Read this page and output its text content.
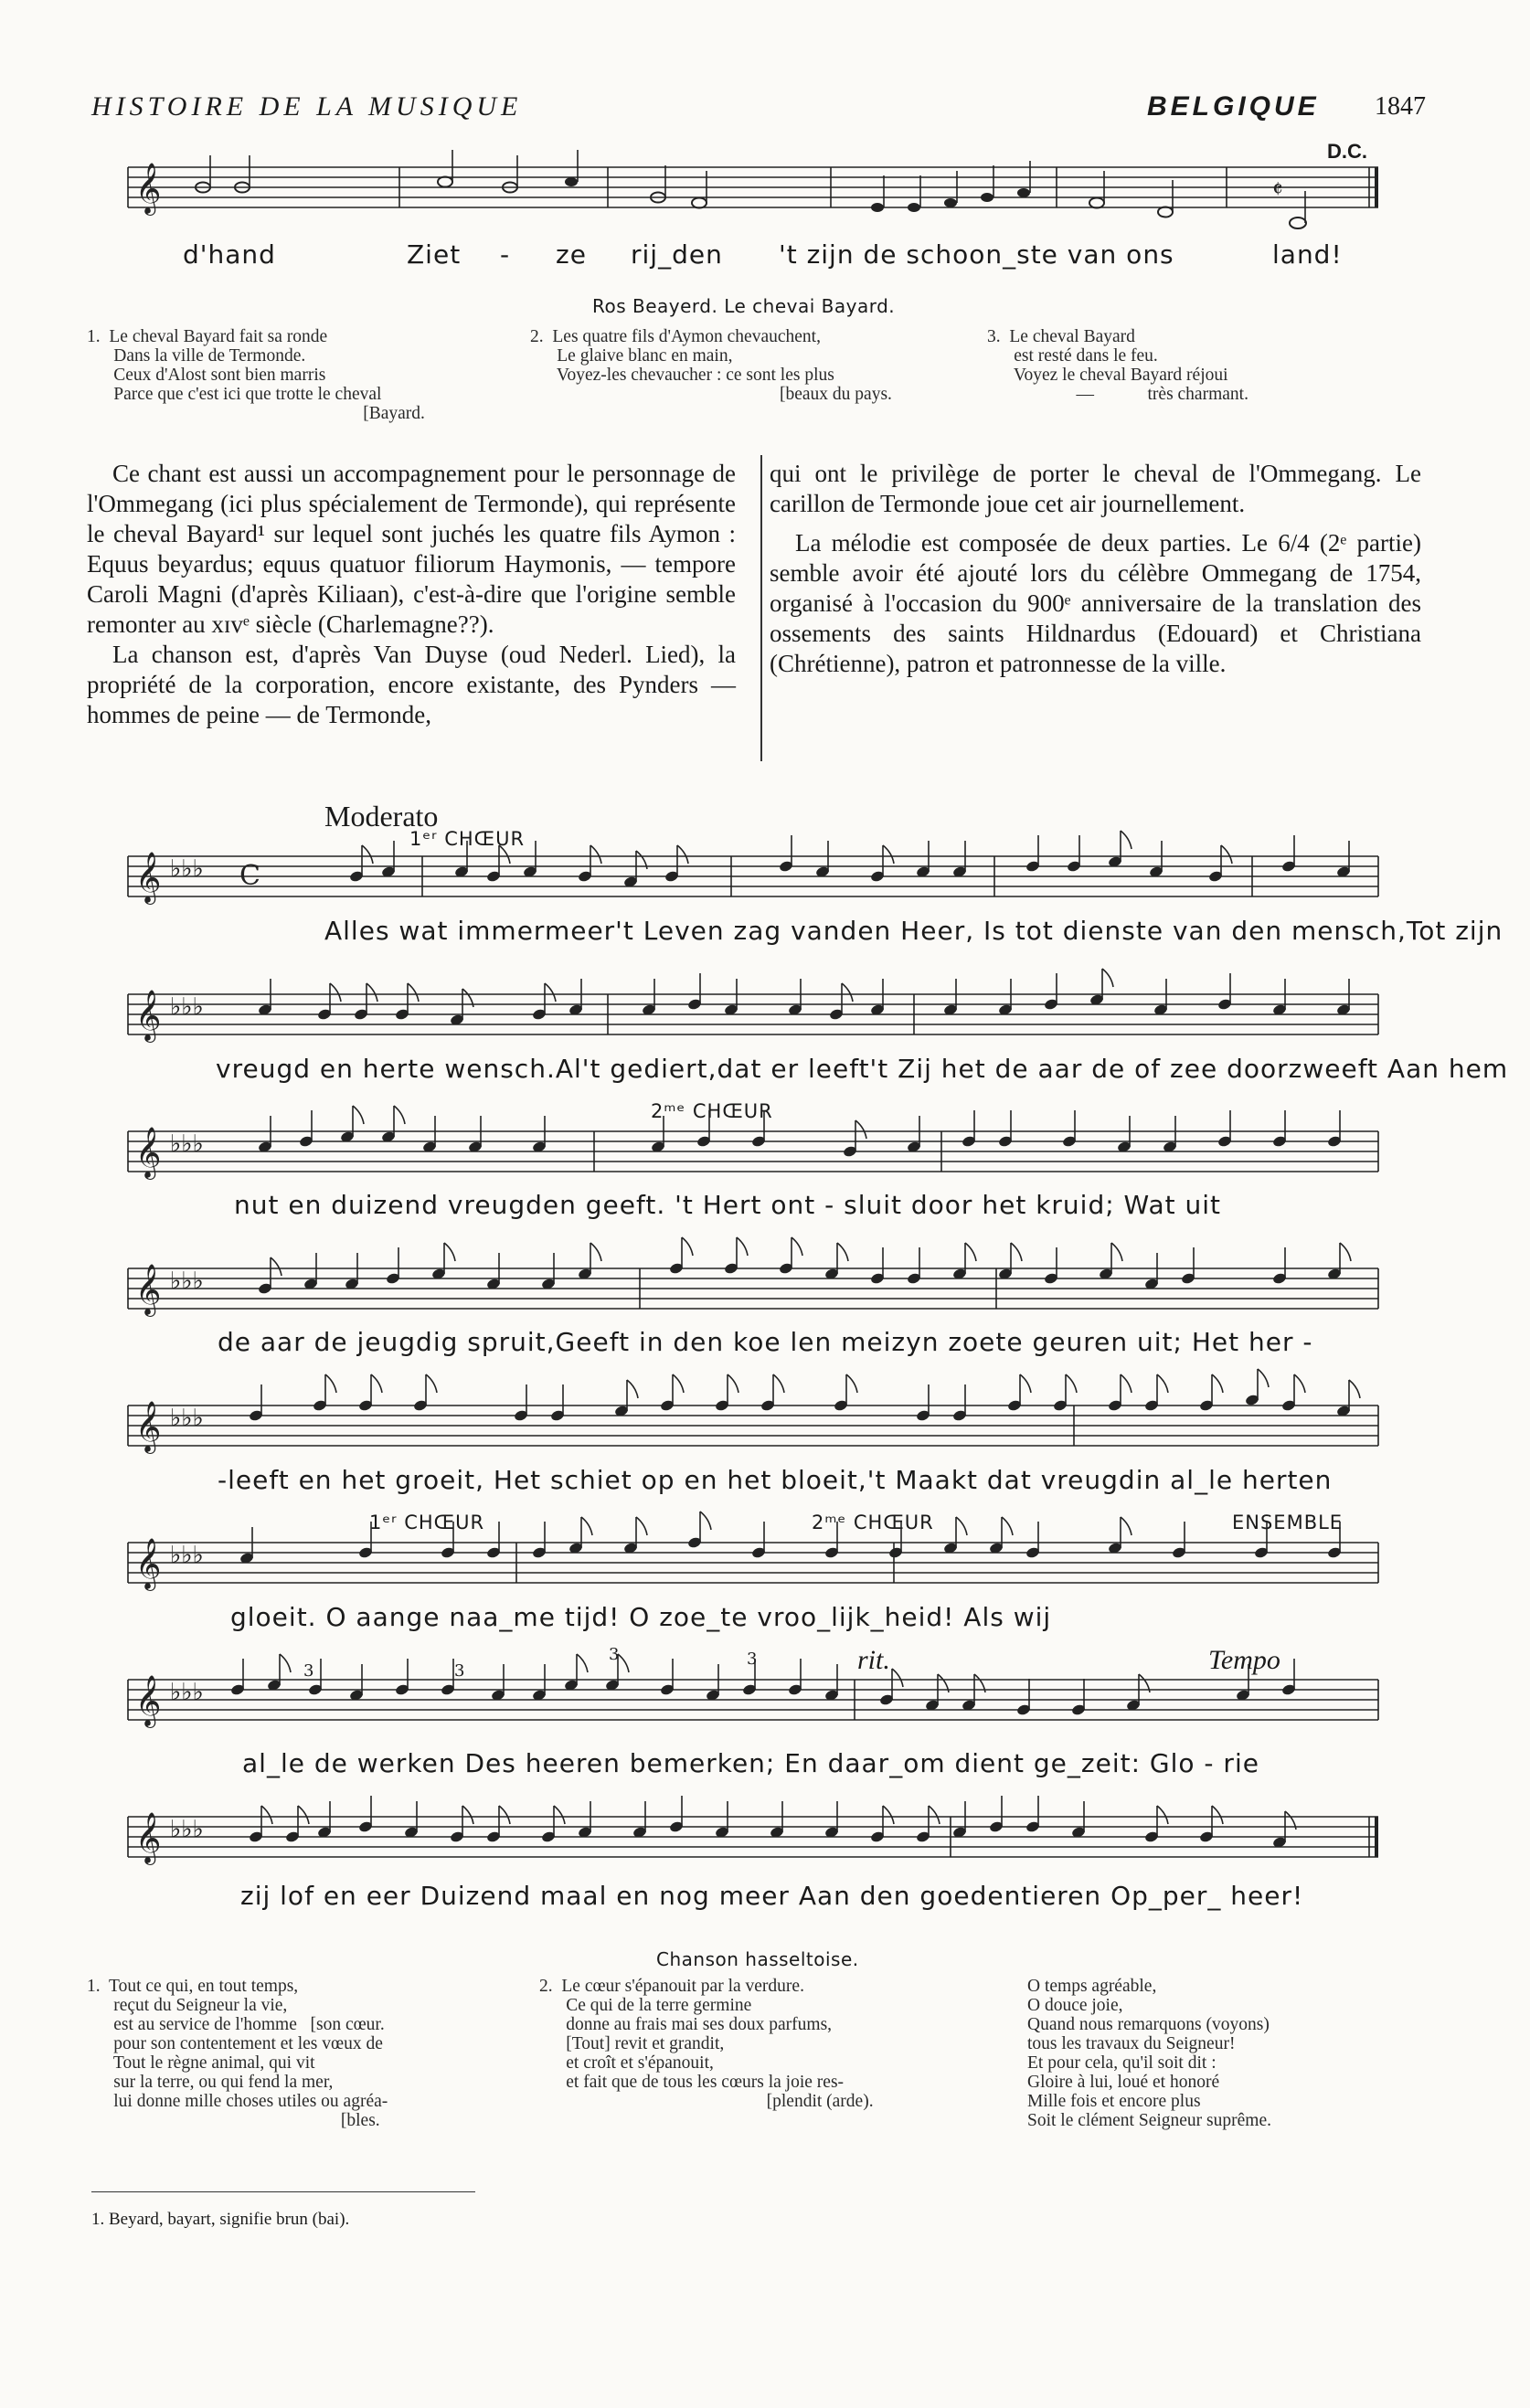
HISTOIRE DE LA MUSIQUE	BELGIQUE 1847
𝄞	𝄵
D.C.
d'hand	Ziet - ze rij_den 't zijn de schoon_ste van ons	land!
Ros Beayerd. Le chevai Bayard.
1.  Le cheval Bayard fait sa ronde
Dans la ville de Termonde.
Ceux d'Alost sont bien marris
Parce que c'est ici que trotte le cheval
[Bayard.
2.  Les quatre fils d'Aymon chevauchent,
Le glaive blanc en main,
Voyez-les chevaucher : ce sont les plus
[beaux du pays.
3.  Le cheval Bayard
est resté dans le feu.
Voyez le cheval Bayard réjoui
—            très charmant.

Ce chant est aussi un accompagnement pour le personnage de l'Ommegang (ici plus spécialement de Termonde), qui représente le cheval Bayard¹ sur lequel sont juchés les quatre fils Aymon : Equus beyardus; equus quatuor filiorum Haymonis, — tempore Caroli Magni (d'après Kiliaan), c'est-à-dire que l'origine semble remonter au xɪᴠᵉ siècle (Charlemagne??).

La chanson est, d'après Van Duyse (oud Nederl. Lied), la propriété de la corporation, encore existante, des Pynders — hommes de peine — de Termonde,

qui ont le privilège de porter le cheval de l'Ommegang. Le carillon de Termonde joue cet air journellement.

La mélodie est composée de deux parties. Le 6/4 (2ᵉ partie) semble avoir été ajouté lors du célèbre Ommegang de 1754, organisé à l'occasion du 900ᵉ anniversaire de la translation des ossements des saints Hildnardus (Edouard) et Christiana (Chrétienne), patron et patronnesse de la ville.

Moderato
1ᵉʳ CHŒUR
2ᵐᵉ CHŒUR
1ᵉʳ CHŒUR	2ᵐᵉ CHŒUR	ENSEMBLE
rit.	Tempo
3	3
3	3
𝄞 ♭♭♭
𝄞 ♭♭♭
𝄞 ♭♭♭
𝄞 ♭♭♭
𝄞 ♭♭♭
𝄞 ♭♭♭
𝄞 ♭♭♭
𝄞 ♭♭♭
C
Alles wat immermeer't Leven zag vanden Heer, Is tot dienste van den mensch,Tot zijn
vreugd en herte wensch.Al't gediert,dat er leeft't Zij het de aar de of zee doorzweeft Aan hem
nut en duizend vreugden geeft. 't Hert ont - sluit door het kruid; Wat uit
de aar de jeugdig spruit,Geeft in den koe len meizyn zoete geuren uit; Het her -
-leeft en het groeit, Het schiet op en het bloeit,'t Maakt dat vreugdin al_le herten
gloeit. O aange naa_me tijd! O zoe_te vroo_lijk_heid! Als wij
al_le de werken Des heeren bemerken; En daar_om dient ge_zeit: Glo - rie
zij lof en eer Duizend maal en nog meer Aan den goedentieren Op_per_ heer!
Chanson hasseltoise.
1.  Tout ce qui, en tout temps,
reçut du Seigneur la vie,
est au service de l'homme   [son cœur.
pour son contentement et les vœux de
Tout le règne animal, qui vit
sur la terre, ou qui fend la mer,
lui donne mille choses utiles ou agréa-
[bles.
2.  Le cœur s'épanouit par la verdure.
Ce qui de la terre germine
donne au frais mai ses doux parfums,
[Tout] revit et grandit,
et croît et s'épanouit,
et fait que de tous les cœurs la joie res-
[plendit (arde).
O temps agréable,
O douce joie,
Quand nous remarquons (voyons)
tous les travaux du Seigneur!
Et pour cela, qu'il soit dit :
Gloire à lui, loué et honoré
Mille fois et encore plus
Soit le clément Seigneur suprême.
1. Beyard, bayart, signifie brun (bai).
